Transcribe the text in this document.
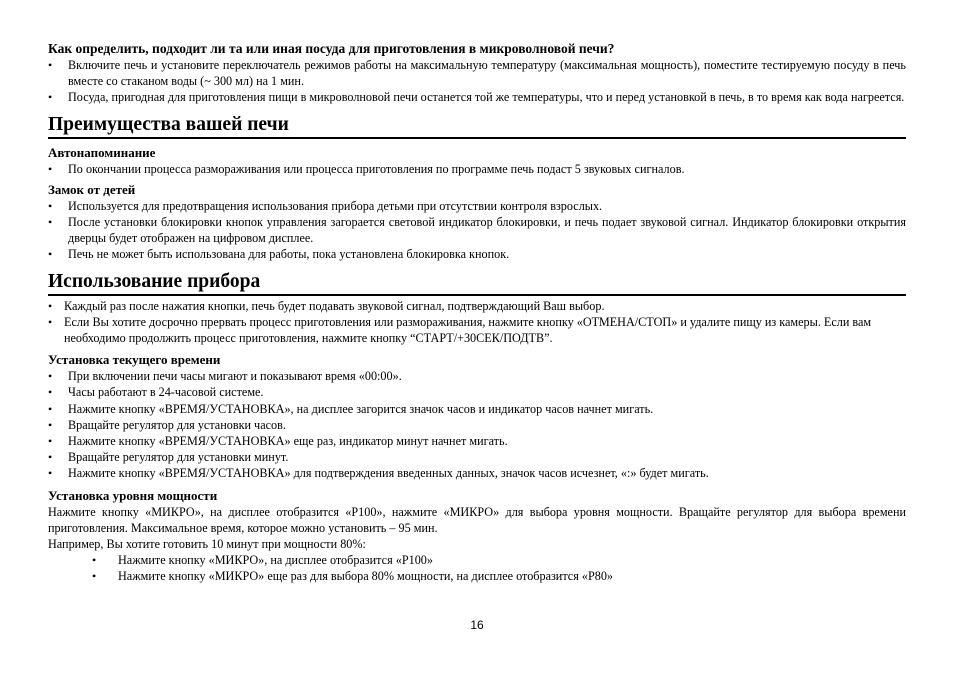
Как определить, подходит ли та или иная посуда для приготовления в микроволновой печи?

• Включите печь и установите переключатель режимов работы на максимальную температуру (максимальная мощность), поместите тестируемую посуду в печь вместе со стаканом воды (~ 300 мл) на 1 мин.
• Посуда, пригодная для приготовления пищи в микроволновой печи останется той же температуры, что и перед установкой в печь, в то время как вода нагреется.
Преимущества вашей печи

Автонапоминание

• По окончании процесса размораживания или процесса приготовления по программе печь подаст 5 звуковых сигналов.

Замок от детей

• Используется для предотвращения использования прибора детьми при отсутствии контроля взрослых.
• После установки блокировки кнопок управления загорается световой индикатор блокировки, и печь подает звуковой сигнал. Индикатор блокировки открытия дверцы будет отображен на цифровом дисплее.
• Печь не может быть использована для работы, пока установлена блокировка кнопок.
Использование прибора
• Каждый раз после нажатия кнопки, печь будет подавать звуковой сигнал, подтверждающий Ваш выбор.
• Если Вы хотите досрочно прервать процесс приготовления или размораживания, нажмите кнопку «ОТМЕНА/СТОП» и удалите пищу из камеры. Если вам необходимо продолжить процесс приготовления, нажмите кнопку “СТАРТ/+30СЕК/ПОДТВ”.

Установка текущего времени

• При включении печи часы мигают и показывают время «00:00».
• Часы работают в 24-часовой системе.
• Нажмите кнопку «ВРЕМЯ/УСТАНОВКА», на дисплее загорится значок часов и индикатор часов начнет мигать.
• Вращайте регулятор для установки часов.
• Нажмите кнопку «ВРЕМЯ/УСТАНОВКА» еще раз, индикатор минут начнет мигать.
• Вращайте регулятор для установки минут.
• Нажмите кнопку «ВРЕМЯ/УСТАНОВКА» для подтверждения введенных данных, значок часов исчезнет, «:» будет мигать.

Установка уровня мощности

Нажмите кнопку «МИКРО», на дисплее отобразится «P100», нажмите «МИКРО» для выбора уровня мощности. Вращайте регулятор для выбора времени приготовления. Максимальное время, которое можно установить – 95 мин.

Например, Вы хотите готовить 10 минут при мощности 80%:

• Нажмите кнопку «МИКРО», на дисплее отобразится «P100»
• Нажмите кнопку «МИКРО» еще раз для выбора 80% мощности, на дисплее отобразится «P80»
16
